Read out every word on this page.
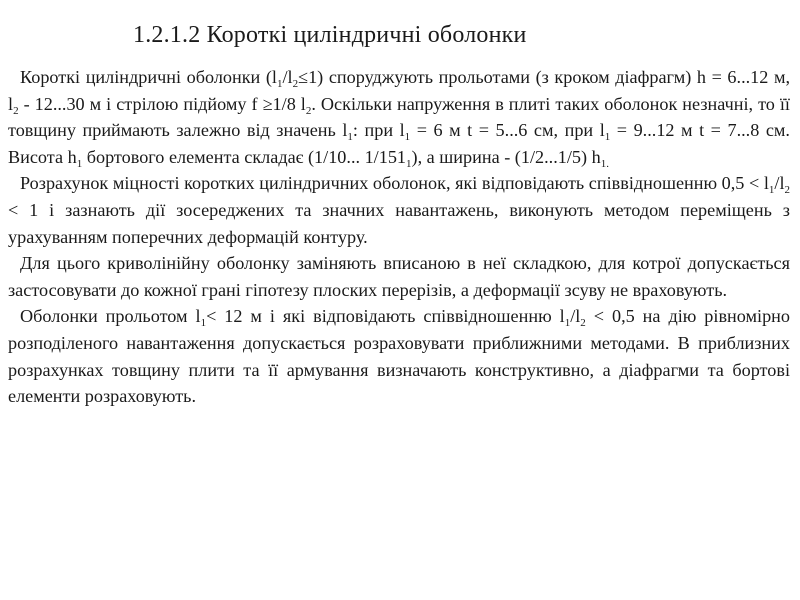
1.2.1.2 Короткі циліндричні оболонки

Короткі циліндричні оболонки $(l_1/l_2\le 1)$ споруджують прольотами (з кроком діафрагм) h = 6...12 м, $l_2 - 12...30$ м і стрілою підйому f ≥1/8 $l_2$. Оскільки напруження в плиті таких оболонок незначні, то її товщину приймають залежно від значень $l_1$: при $l_1 = 6$ м t = 5...6 см, при $l_1 = 9...12$ м t = 7...8 см. Висота $h_1$ бортового елемента складає (1/10... $1/151_1$), а ширина - (1/2...1/5) $h_{1.}$

Розрахунок міцності коротких циліндричних оболонок, які відповідають співвідношенню $0,5 < l_1/l_2 < 1$ і зазнають дії зосереджених та значних навантажень, виконують методом переміщень з урахуванням поперечних деформацій контуру.

Для цього криволінійну оболонку заміняють вписаною в неї складкою, для котрої допускається застосовувати до кожної грані гіпотезу плоских перерізів, а деформації зсуву не враховують.

Оболонки прольотом $l_1< 12$ м і які відповідають співвідношенню $l_1/l_2 < 0,5$ на дію рівномірно розподіленого навантаження допускається розраховувати приближними методами. В приблизних розрахунках товщину плити та її армування визначають конструктивно, а діафрагми та бортові елементи розраховують.
